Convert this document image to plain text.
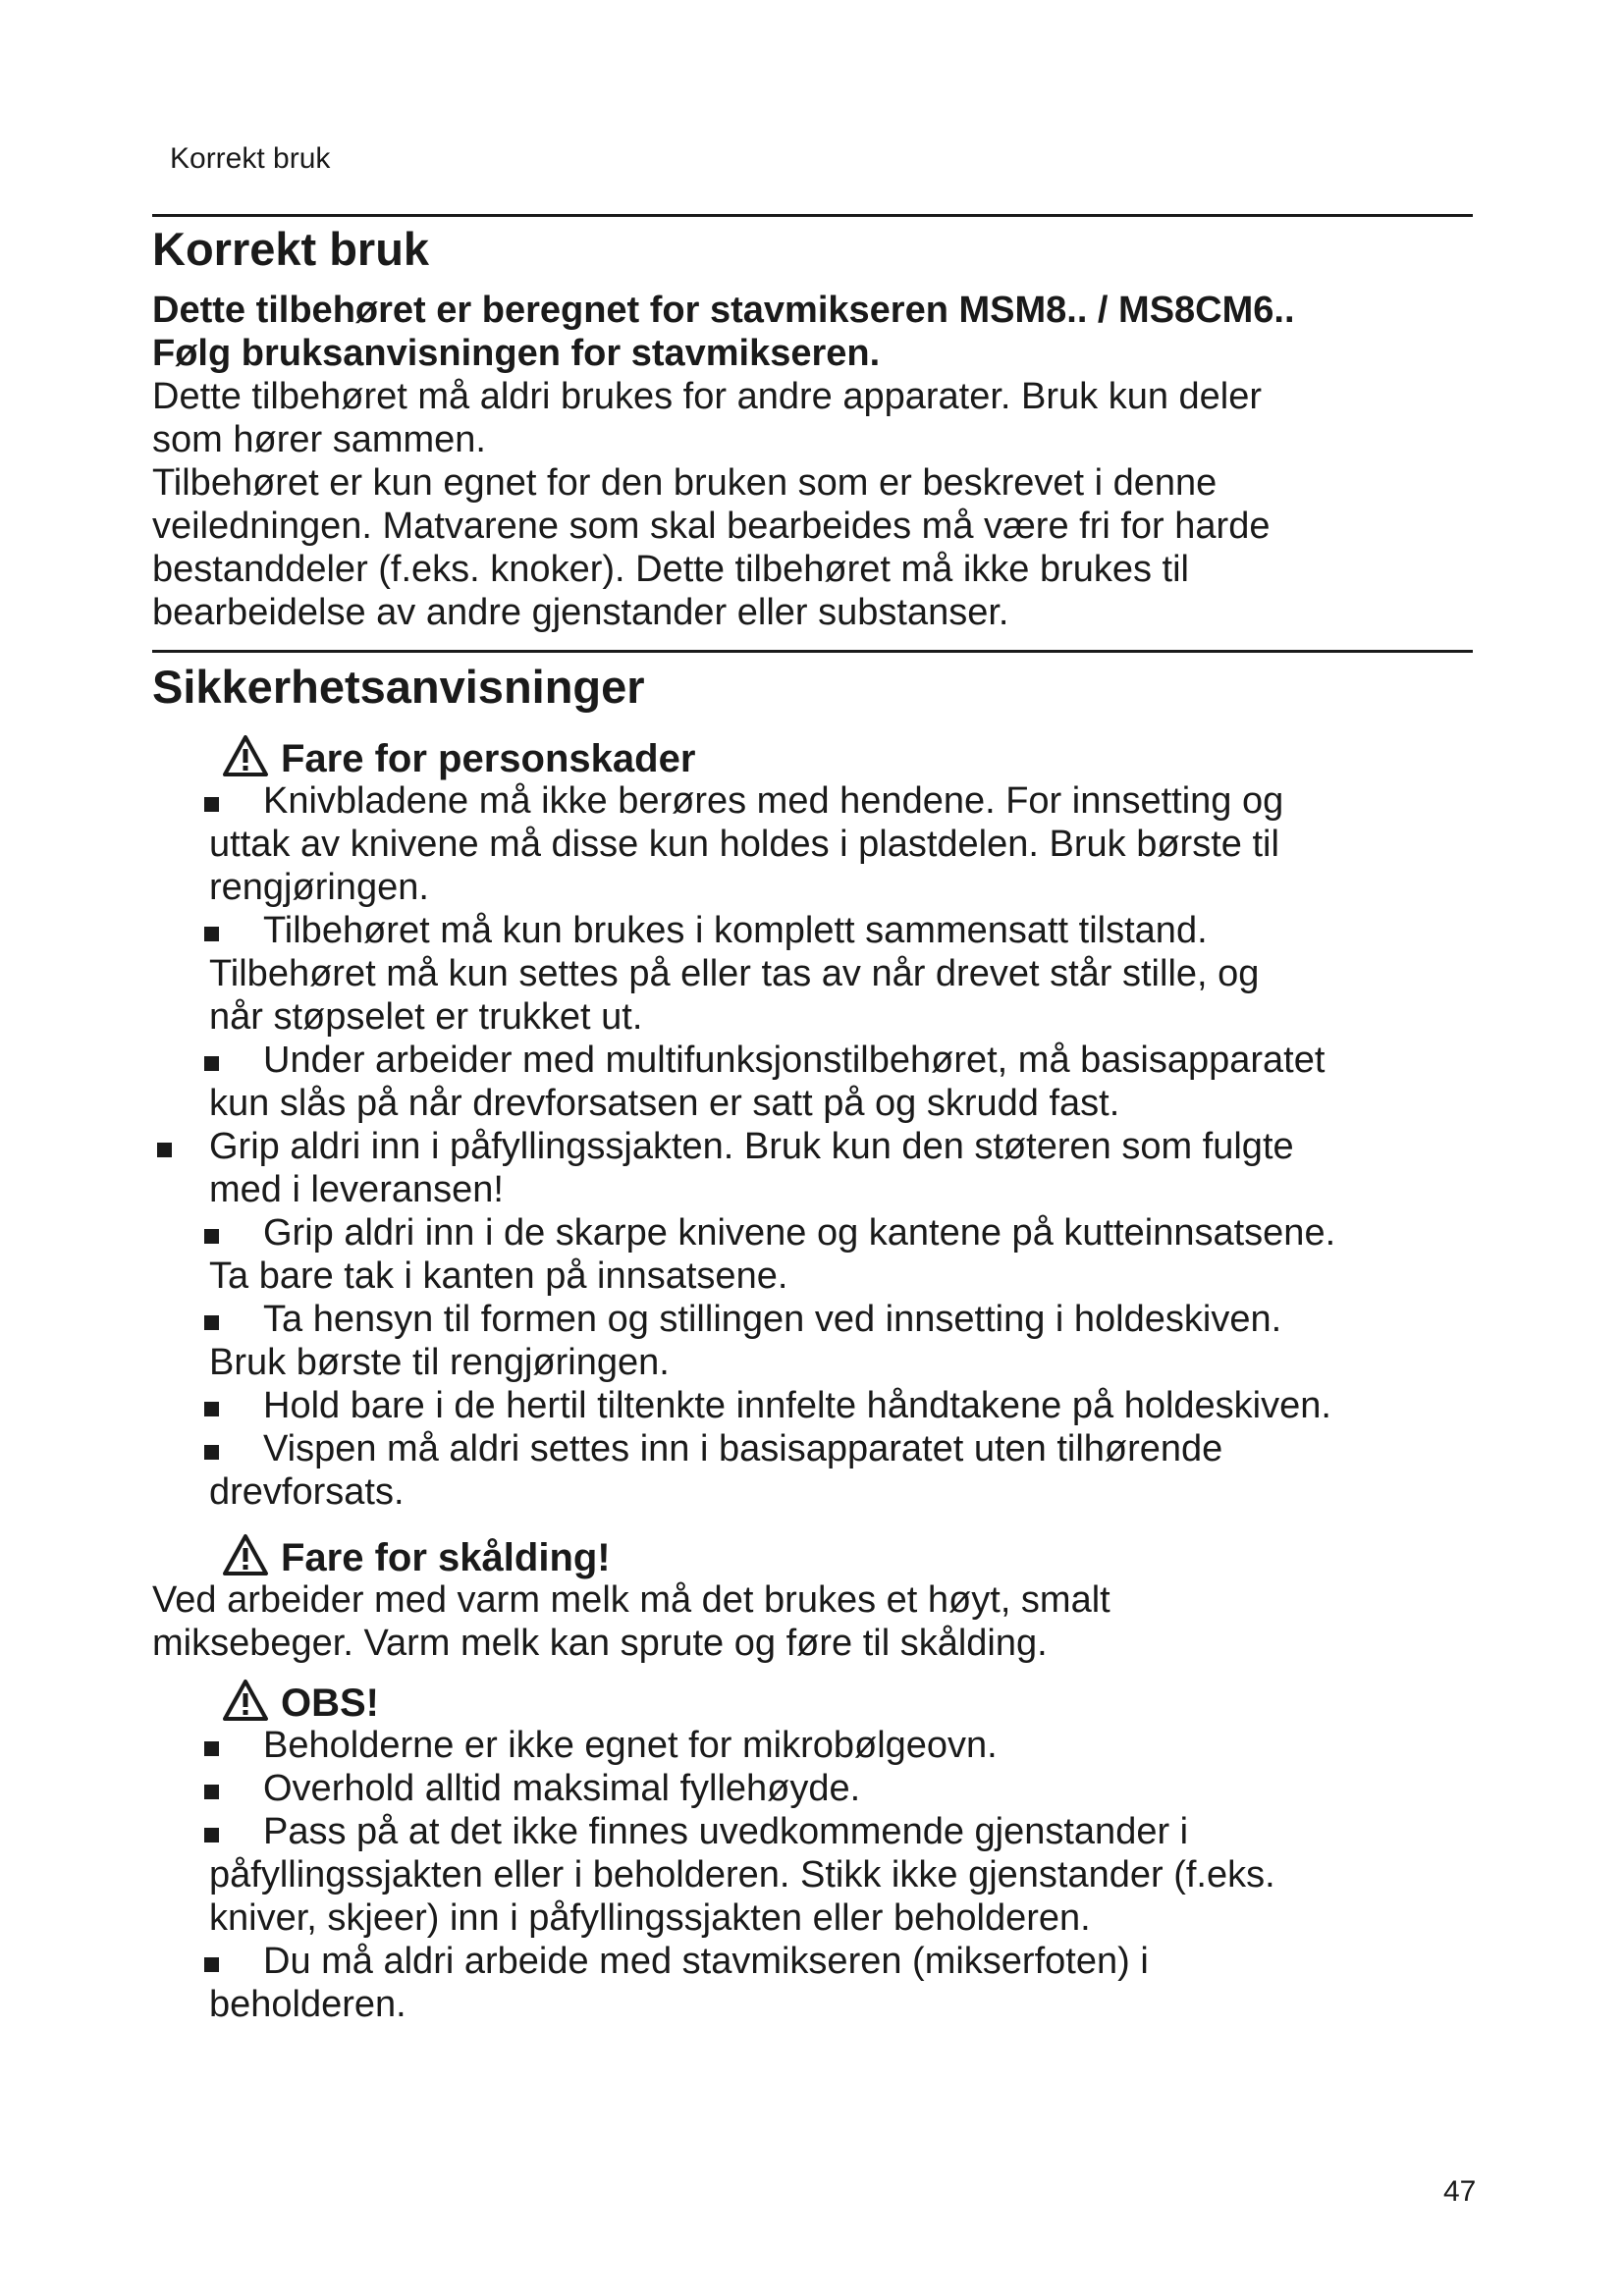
Korrekt bruk
Korrekt bruk
Dette tilbehøret er beregnet for stavmikseren MSM8.. / MS8CM6..
Følg bruksanvisningen for stavmikseren.
Dette tilbehøret må aldri brukes for andre apparater. Bruk kun deler
som hører sammen.
Tilbehøret er kun egnet for den bruken som er beskrevet i denne
veiledningen. Matvarene som skal bearbeides må være fri for harde
bestanddeler (f.eks. knoker). Dette tilbehøret må ikke brukes til
bearbeidelse av andre gjenstander eller substanser.
Sikkerhetsanvisninger
Fare for personskader
Knivbladene må ikke berøres med hendene. For innsetting og
uttak av knivene må disse kun holdes i plastdelen. Bruk børste til
rengjøringen.
Tilbehøret må kun brukes i komplett sammensatt tilstand.
Tilbehøret må kun settes på eller tas av når drevet står stille, og
når støpselet er trukket ut.
Under arbeider med multifunksjonstilbehøret, må basisapparatet
kun slås på når drevforsatsen er satt på og skrudd fast.
Grip aldri inn i påfyllingssjakten. Bruk kun den støteren som fulgte
med i leveransen!
Grip aldri inn i de skarpe knivene og kantene på kutteinnsatsene.
Ta bare tak i kanten på innsatsene.
Ta hensyn til formen og stillingen ved innsetting i holdeskiven.
Bruk børste til rengjøringen.
Hold bare i de hertil tiltenkte innfelte håndtakene på holdeskiven.
Vispen må aldri settes inn i basisapparatet uten tilhørende
drevforsats.
Fare for skålding!
Ved arbeider med varm melk må det brukes et høyt, smalt
miksebeger. Varm melk kan sprute og føre til skålding.
OBS!
Beholderne er ikke egnet for mikrobølgeovn.
Overhold alltid maksimal fyllehøyde.
Pass på at det ikke finnes uvedkommende gjenstander i
påfyllingssjakten eller i beholderen. Stikk ikke gjenstander (f.eks.
kniver, skjeer) inn i påfyllingssjakten eller beholderen.
Du må aldri arbeide med stavmikseren (mikserfoten) i
beholderen.
47
